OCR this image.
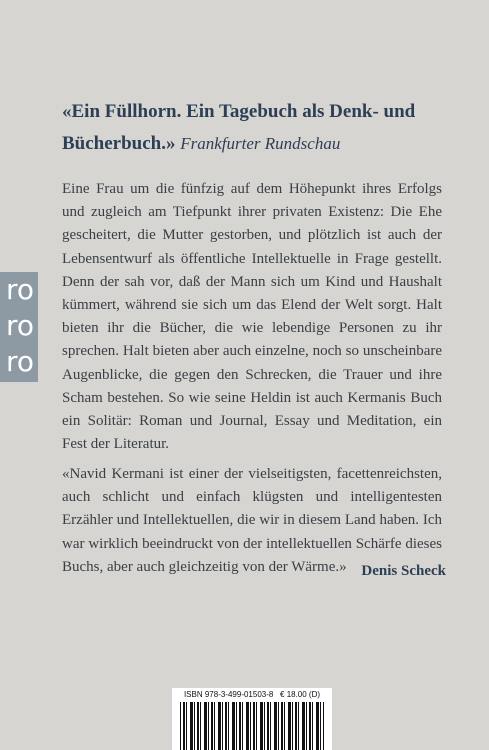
«Ein Füllhorn. Ein Tagebuch als Denk- und Bücherbuch.» Frankfurter Rundschau

Eine Frau um die fünfzig auf dem Höhepunkt ihres Erfolgs und zugleich am Tiefpunkt ihrer privaten Existenz: Die Ehe gescheitert, die Mutter gestorben, und plötzlich ist auch der Lebensentwurf als öffentliche Intellektuelle in Frage gestellt. Denn der sah vor, daß der Mann sich um Kind und Haushalt kümmert, während sie sich um das Elend der Welt sorgt. Halt bieten ihr die Bücher, die wie lebendige Personen zu ihr sprechen. Halt bieten aber auch einzelne, noch so unscheinbare Augenblicke, die gegen den Schrecken, die Trauer und ihre Scham bestehen. So wie seine Heldin ist auch Kermanis Buch ein Solitär: Roman und Journal, Essay und Meditation, ein Fest der Literatur.

ro
ro
ro

«Navid Kermani ist einer der vielseitigsten, facettenreichsten, auch schlicht und einfach klügsten und intelligentesten Erzähler und Intellektuellen, die wir in diesem Land haben. Ich war wirklich beeindruckt von der intellektuellen Schärfe dieses Buchs, aber auch gleichzeitig von der Wärme.» Denis Scheck
ISBN 978-3-499-01503-8 € 18.00 (D)
